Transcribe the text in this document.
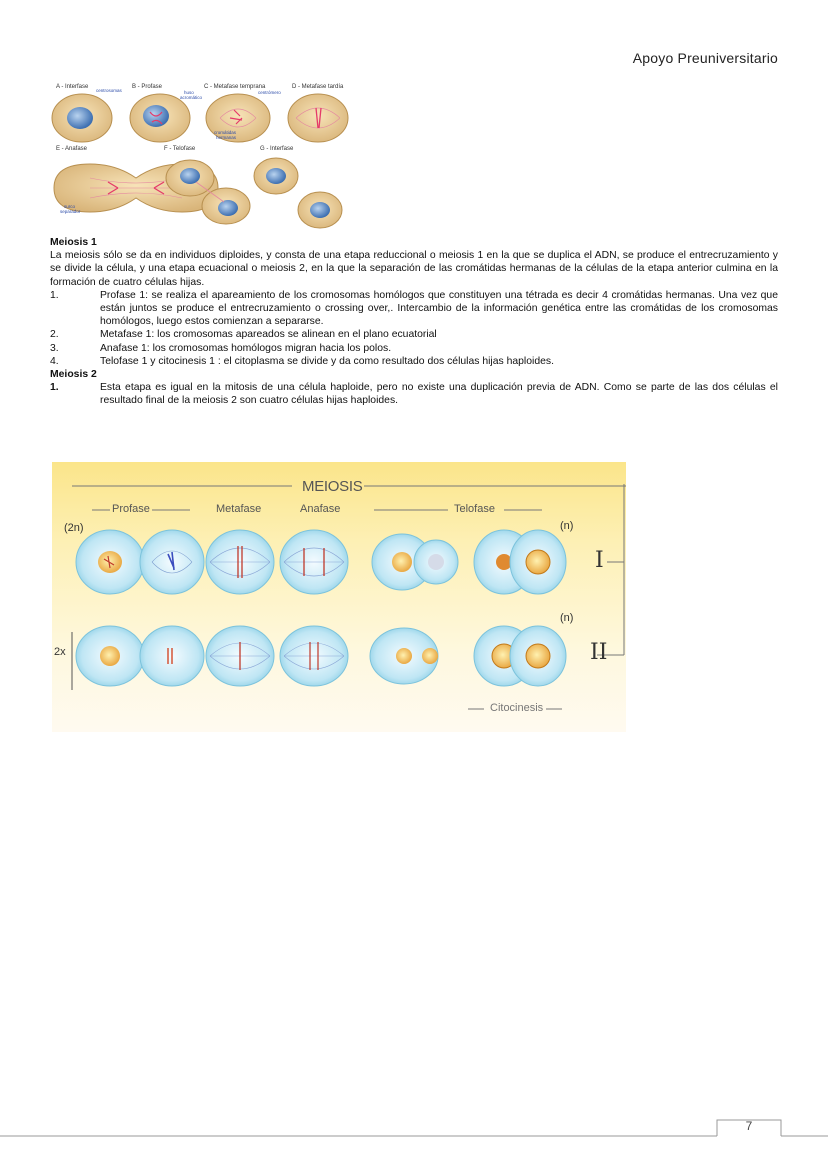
Apoyo Preuniversitario
A - Interfase	B - Profase	C - Metafase temprana	D - Metafase tardía
E - Anafase	F - Telofase	G - Interfase
centrosomas	huso
acromático
centrómero
cromátidas
hermanas
surco
separador
Meiosis 1
La meiosis sólo se da en individuos diploides, y consta de una etapa reduccional o meiosis 1 en la que se duplica el ADN, se produce el entrecruzamiento y se divide la célula, y una etapa ecuacional o meiosis 2, en la que la separación de las cromátidas hermanas de la células de la etapa anterior culmina en la formación de cuatro células hijas.
1.	Profase 1: se realiza el apareamiento de los cromosomas homólogos que constituyen una tétrada es decir 4 cromátidas hermanas. Una vez que están juntos se produce el entrecruzamiento o crossing over,. Intercambio de la información genética entre las cromátidas de los cromosomas homólogos, luego estos comienzan a separarse.
2.	Metafase 1: los cromosomas apareados se alinean en el plano ecuatorial
3.	Anafase 1: los cromosomas homólogos migran hacia los polos.
4.	Telofase 1 y citocinesis 1 : el citoplasma se divide y da como resultado dos células hijas haploides.
Meiosis 2
1.	Esta etapa es igual en la mitosis de una célula haploide, pero no existe una duplicación previa de ADN. Como se parte de las dos células el resultado final de la meiosis 2 son cuatro células hijas haploides.
MEIOSIS
Profase	Metafase	Anafase	Telofase
(2n)	(n)
(n)
2x
I
II
Citocinesis
7
